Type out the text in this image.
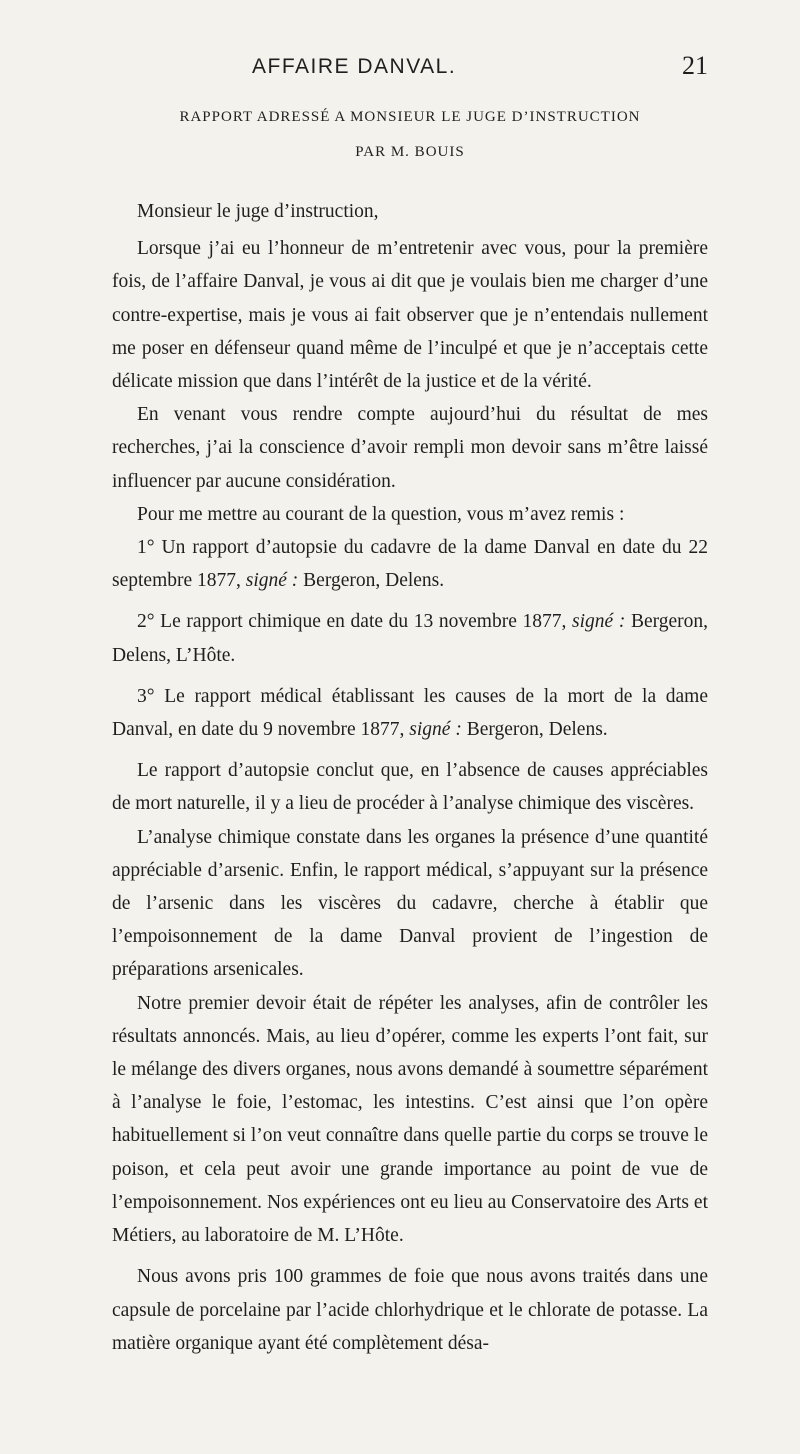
AFFAIRE DANVAL.	21
RAPPORT ADRESSÉ A MONSIEUR LE JUGE D’INSTRUCTION
PAR M. BOUIS

Monsieur le juge d’instruction,

Lorsque j’ai eu l’honneur de m’entretenir avec vous, pour la première fois, de l’affaire Danval, je vous ai dit que je voulais bien me charger d’une contre-expertise, mais je vous ai fait observer que je n’entendais nullement me poser en défenseur quand même de l’inculpé et que je n’acceptais cette délicate mission que dans l’intérêt de la justice et de la vérité.

En venant vous rendre compte aujourd’hui du résultat de mes recherches, j’ai la conscience d’avoir rempli mon devoir sans m’être laissé influencer par aucune considération.

Pour me mettre au courant de la question, vous m’avez remis :

1° Un rapport d’autopsie du cadavre de la dame Danval en date du 22 septembre 1877, signé : Bergeron, Delens.

2° Le rapport chimique en date du 13 novembre 1877, signé : Bergeron, Delens, L’Hôte.

3° Le rapport médical établissant les causes de la mort de la dame Danval, en date du 9 novembre 1877, signé : Bergeron, Delens.

Le rapport d’autopsie conclut que, en l’absence de causes appréciables de mort naturelle, il y a lieu de procéder à l’analyse chimique des viscères.

L’analyse chimique constate dans les organes la présence d’une quantité appréciable d’arsenic. Enfin, le rapport médical, s’appuyant sur la présence de l’arsenic dans les viscères du cadavre, cherche à établir que l’empoisonnement de la dame Danval provient de l’ingestion de préparations arsenicales.

Notre premier devoir était de répéter les analyses, afin de contrôler les résultats annoncés. Mais, au lieu d’opérer, comme les experts l’ont fait, sur le mélange des divers organes, nous avons demandé à soumettre séparément à l’analyse le foie, l’estomac, les intestins. C’est ainsi que l’on opère habituellement si l’on veut connaître dans quelle partie du corps se trouve le poison, et cela peut avoir une grande importance au point de vue de l’empoisonnement. Nos expériences ont eu lieu au Conservatoire des Arts et Métiers, au laboratoire de M. L’Hôte.

Nous avons pris 100 grammes de foie que nous avons traités dans une capsule de porcelaine par l’acide chlorhydrique et le chlorate de potasse. La matière organique ayant été complètement désa-
